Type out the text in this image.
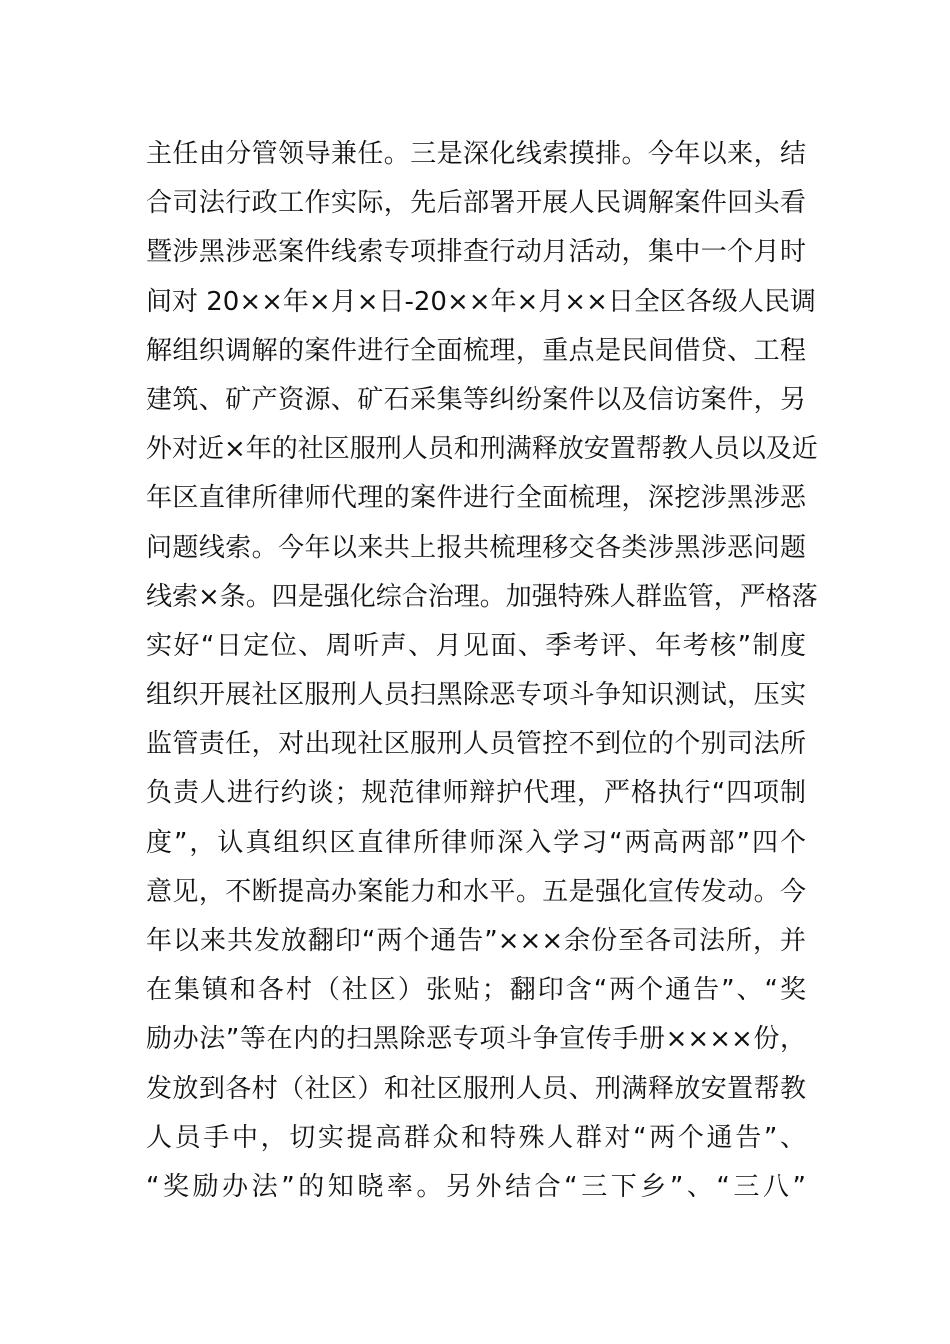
主任由分管领导兼任。三是深化线索摸排。今年以来，结
合司法行政工作实际，先后部署开展人民调解案件回头看
暨涉黑涉恶案件线索专项排查行动月活动，集中一个月时
间对 20××年×月×日-20××年×月××日全区各级人民调
解组织调解的案件进行全面梳理，重点是民间借贷、工程
建筑、矿产资源、矿石采集等纠纷案件以及信访案件，另
外对近×年的社区服刑人员和刑满释放安置帮教人员以及近
年区直律所律师代理的案件进行全面梳理，深挖涉黑涉恶
问题线索。今年以来共上报共梳理移交各类涉黑涉恶问题
线索×条。四是强化综合治理。加强特殊人群监管，严格落
实好“日定位、周听声、月见面、季考评、年考核”制度
组织开展社区服刑人员扫黑除恶专项斗争知识测试，压实
监管责任，对出现社区服刑人员管控不到位的个别司法所
负责人进行约谈；规范律师辩护代理，严格执行“四项制
度”，认真组织区直律所律师深入学习“两高两部”四个
意见，不断提高办案能力和水平。五是强化宣传发动。今
年以来共发放翻印“两个通告”×××余份至各司法所，并
在集镇和各村（社区）张贴；翻印含“两个通告”、“奖
励办法”等在内的扫黑除恶专项斗争宣传手册××××份，
发放到各村（社区）和社区服刑人员、刑满释放安置帮教
人员手中，切实提高群众和特殊人群对“两个通告”、
“奖励办法”的知晓率。另外结合“三下乡”、“三八”
